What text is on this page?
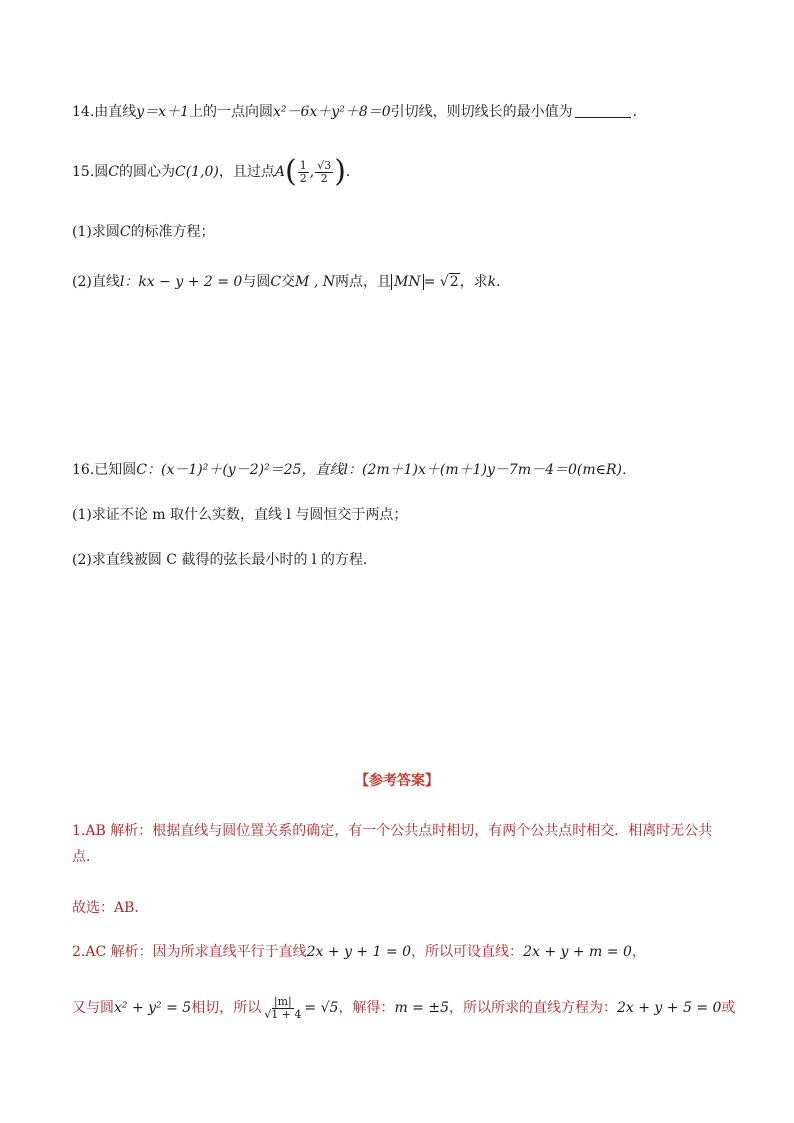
14.由直线y＝x＋1上的一点向圆x²－6x＋y²＋8＝0引切线，则切线长的最小值为	．
15.圆 C 的圆心为 C(1,0) ，且过点 A ( $\frac{1}{2}$ , $\frac{√3}{2}$ ) ．
(1)求圆C的标准方程；
(2)直线l：kx − y + 2 = 0与圆C交M , N两点，且 MN = √2，求k．
16.已知圆C：(x－1)²＋(y－2)²＝25，直线l：(2m＋1)x＋(m＋1)y－7m－4＝0(m∈R)．
(1)求证不论 m 取什么实数，直线 l 与圆恒交于两点；
(2)求直线被圆 C 截得的弦长最小时的 l 的方程．
【参考答案】
1.AB 解析：根据直线与圆位置关系的确定，有一个公共点时相切，有两个公共点时相交．相离时无公共
点．
故选：AB．
2.AC 解析：因为所求直线平行于直线2x + y + 1 = 0，所以可设直线：2x + y + m = 0，
又与圆 x² + y² = 5 相切，所以 $\frac{|m|}{√1 + 4} = √5$ ，解得： m = ±5 ，所以所求的直线方程为： 2x + y + 5 = 0 或
